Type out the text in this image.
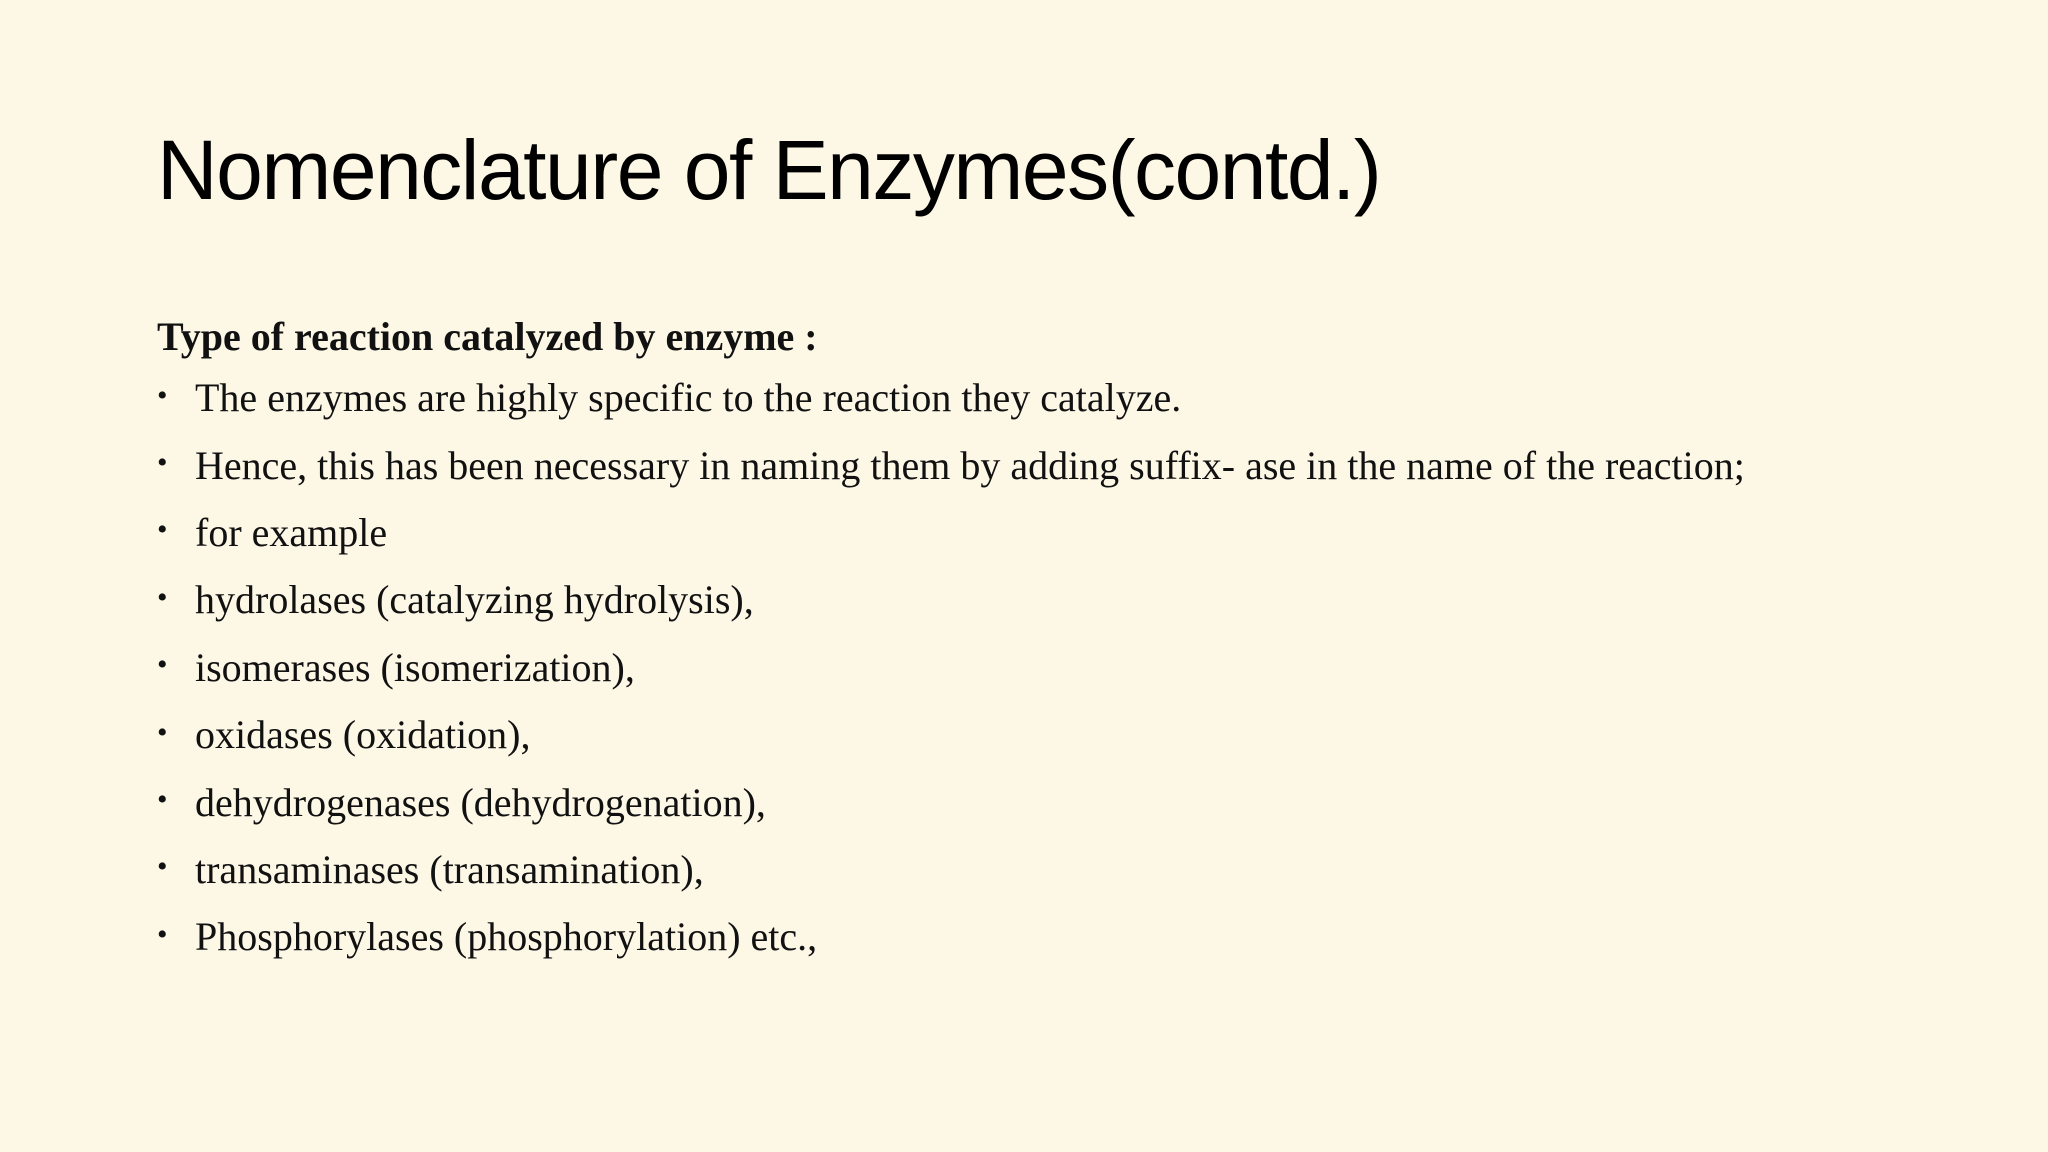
Nomenclature of Enzymes(contd.)

Type of reaction catalyzed by enzyme :

• The enzymes are highly specific to the reaction they catalyze.
• Hence, this has been necessary in naming them by adding suffix- ase in the name of the reaction;
• for example
• hydrolases (catalyzing hydrolysis),
• isomerases (isomerization),
• oxidases (oxidation),
• dehydrogenases (dehydrogenation),
• transaminases (transamination),
• Phosphorylases (phosphorylation) etc.,
